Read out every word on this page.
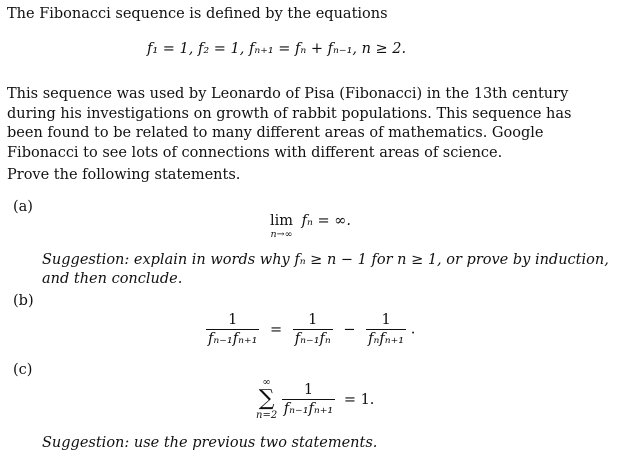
The Fibonacci sequence is defined by the equations
f₁ = 1, f₂ = 1, fₙ₊₁ = fₙ + fₙ₋₁, n ≥ 2.
This sequence was used by Leonardo of Pisa (Fibonacci) in the 13th century during his investigations on growth of rabbit populations. This sequence has been found to be related to many different areas of mathematics. Google Fibonacci to see lots of connections with different areas of science.
Prove the following statements.
(a)
lim
n→∞
fₙ = ∞.
Suggestion: explain in words why fₙ ≥ n − 1 for n ≥ 1, or prove by induction, and then conclude.
(b)
$\frac{1}{\text{fₙ₋₁fₙ₊₁}} = \frac{1}{\text{fₙ₋₁fₙ}} - \frac{1}{\text{fₙfₙ₊₁}}$ .
(c)
∞
∑
n=2
$\frac{1}{\text{fₙ₋₁fₙ₊₁}} = 1$.
Suggestion: use the previous two statements.
